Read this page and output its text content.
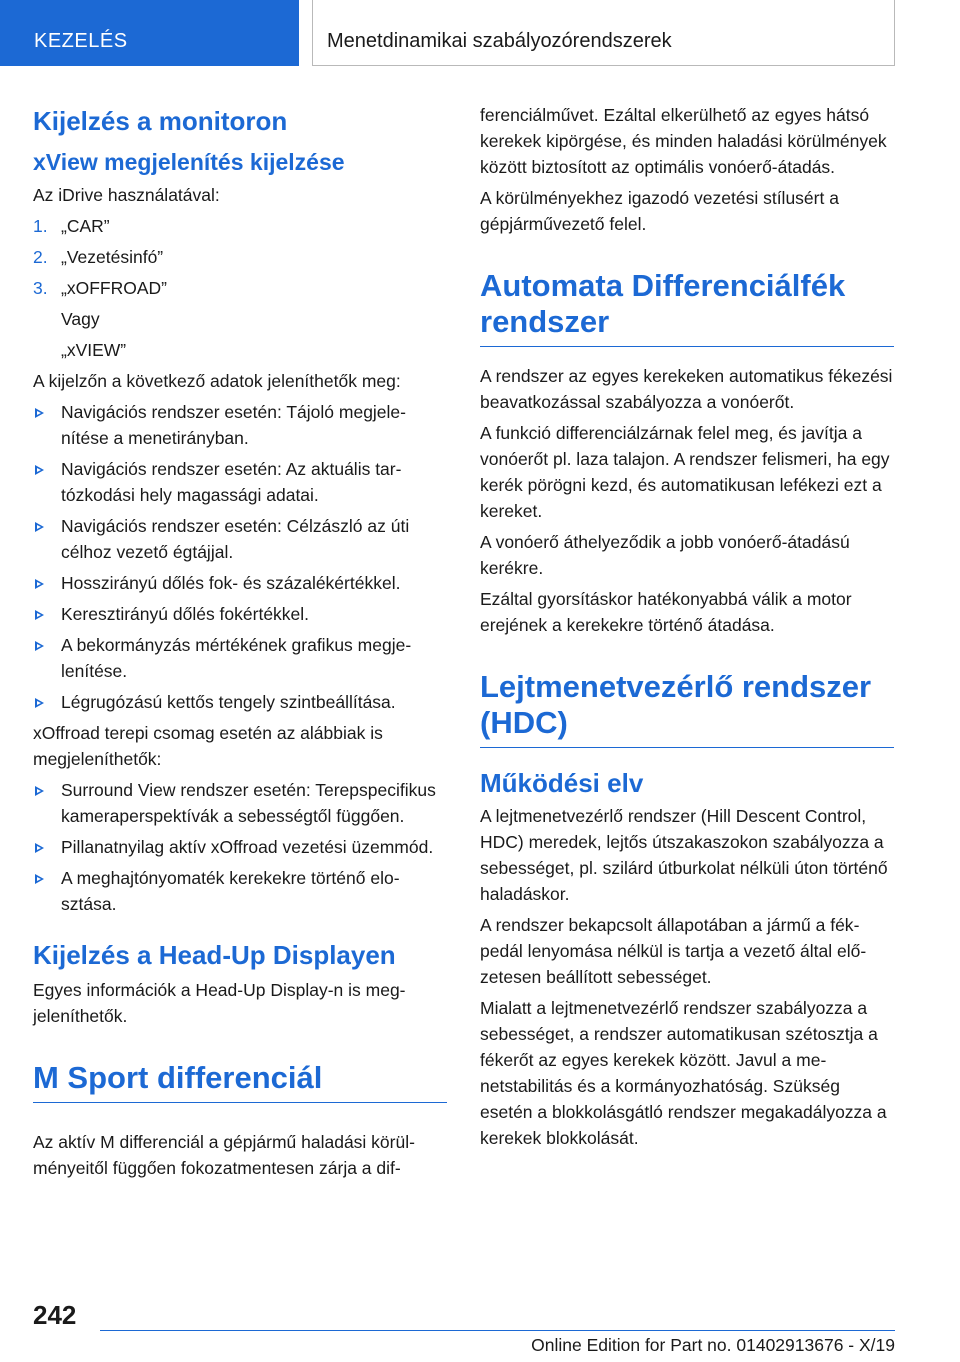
KEZELÉS	Menetdinamikai szabályozórendszerek
Kijelzés a monitoron
xView megjelenítés kijelzése

Az iDrive használatával:

1. „CAR”
2. „Vezetésinfó”
3. „xOFFROAD”

Vagy

„xVIEW”

A kijelzőn a következő adatok jeleníthetők meg:

Navigációs rendszer esetén: Tájoló megjelenítése a menetirányban.
Navigációs rendszer esetén: Az aktuális tartózkodási hely magassági adatai.
Navigációs rendszer esetén: Célzászló az úti célhoz vezető égtájjal.
Hosszirányú dőlés fok- és százalékértékkel.
Keresztirányú dőlés fokértékkel.
A bekormányzás mértékének grafikus megjelenítése.
Légrugózású kettős tengely szintbeállítása.

xOffroad terepi csomag esetén az alábbiak is megjeleníthetők:

Surround View rendszer esetén: Terepspecifikus kameraperspektívák a sebességtől függően.
Pillanatnyilag aktív xOffroad vezetési üzemmód.
A meghajtónyomaték kerekekre történő elosztása.
Kijelzés a Head-Up Displayen

Egyes információk a Head-Up Display-n is megjeleníthetők.

M Sport differenciál

Az aktív M differenciál a gépjármű haladási körülményeitől függően fokozatmentesen zárja a dif-

ferenciálművet. Ezáltal elkerülhető az egyes hátsó kerekek kipörgése, és minden haladási körülmények között biztosított az optimális vonóerő-átadás.

A körülményekhez igazodó vezetési stílusért a gépjárművezető felel.

Automata Differenciálfék rendszer

A rendszer az egyes kerekeken automatikus fékezési beavatkozással szabályozza a vonóerőt.

A funkció differenciálzárnak felel meg, és javítja a vonóerőt pl. laza talajon. A rendszer felismeri, ha egy kerék pörögni kezd, és automatikusan lefékezi ezt a kereket.

A vonóerő áthelyeződik a jobb vonóerő-átadású kerékre.

Ezáltal gyorsításkor hatékonyabbá válik a motor erejének a kerekekre történő átadása.

Lejtmenetvezérlő rendszer (HDC)
Működési elv

A lejtmenetvezérlő rendszer (Hill Descent Control, HDC) meredek, lejtős útszakaszokon szabályozza a sebességet, pl. szilárd útburkolat nélküli úton történő haladáskor.

A rendszer bekapcsolt állapotában a jármű a fékpedál lenyomása nélkül is tartja a vezető által előzetesen beállított sebességet.

Mialatt a lejtmenetvezérlő rendszer szabályozza a sebességet, a rendszer automatikusan szétosztja a fékerőt az egyes kerekek között. Javul a menetstabilitás és a kormányozhatóság. Szükség esetén a blokkolásgátló rendszer megakadályozza a kerekek blokkolását.

242
Online Edition for Part no. 01402913676 - X/19
